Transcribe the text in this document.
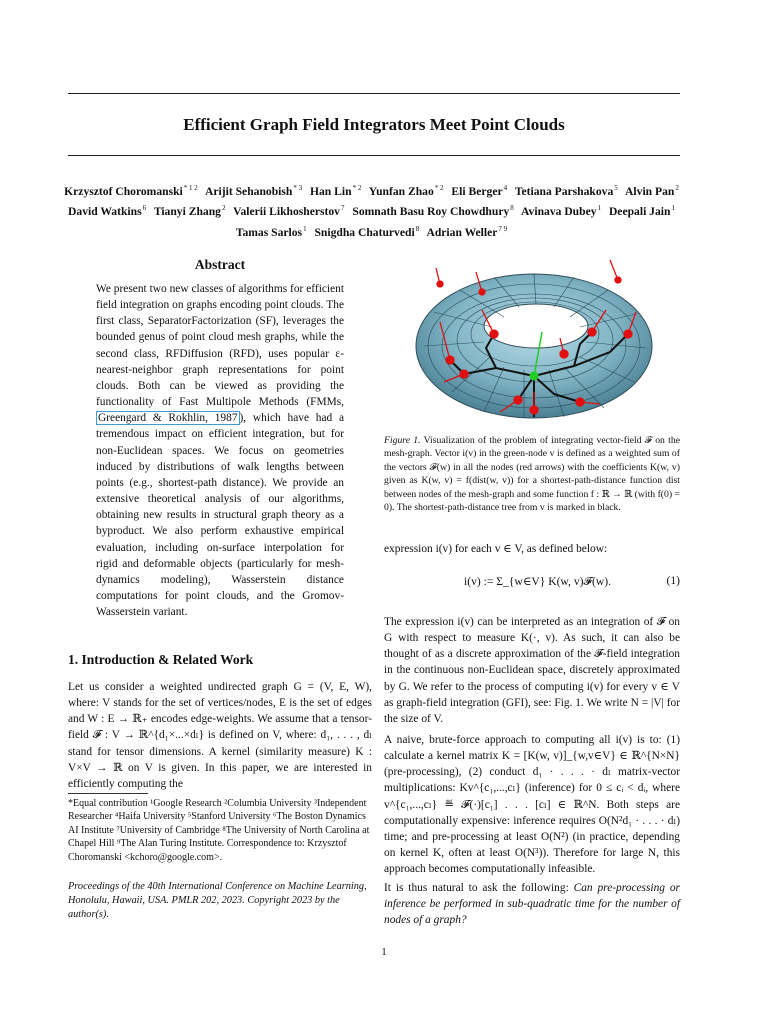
Efficient Graph Field Integrators Meet Point Clouds
Krzysztof Choromanski$^{* 1 2}$ Arijit Sehanobish$^{* 3}$ Han Lin$^{* 2}$ Yunfan Zhao$^{* 2}$ Eli Berger$^4$ Tetiana Parshakova$^5$ Alvin Pan$^2$ David Watkins$^6$ Tianyi Zhang$^2$ Valerii Likhosherstov$^7$ Somnath Basu Roy Chowdhury$^8$ Avinava Dubey$^1$ Deepali Jain$^1$ Tamas Sarlos$^1$ Snigdha Chaturvedi$^8$ Adrian Weller$^{7 9}$
Abstract
We present two new classes of algorithms for efficient field integration on graphs encoding point clouds. The first class, SeparatorFactorization (SF), leverages the bounded genus of point cloud mesh graphs, while the second class, RFDiffusion (RFD), uses popular ε-nearest-neighbor graph representations for point clouds. Both can be viewed as providing the functionality of Fast Multipole Methods (FMMs, Greengard & Rokhlin, 1987 ), which have had a tremendous impact on efficient integration, but for non-Euclidean spaces. We focus on geometries induced by distributions of walk lengths between points (e.g., shortest-path distance). We provide an extensive theoretical analysis of our algorithms, obtaining new results in structural graph theory as a byproduct. We also perform exhaustive empirical evaluation, including on-surface interpolation for rigid and deformable objects (particularly for mesh-dynamics modeling), Wasserstein distance computations for point clouds, and the Gromov-Wasserstein variant.
1. Introduction & Related Work
Let us consider a weighted undirected graph G = (V, E, W), where: V stands for the set of vertices/nodes, E is the set of edges and W : E → ℝ₊ encodes edge-weights. We assume that a tensor-field 𝓕 : V → ℝ^{d₁×...×dₗ} is defined on V, where: d₁, . . . , dₗ stand for tensor dimensions. A kernel (similarity measure) K : V×V → ℝ on V is given. In this paper, we are interested in efficiently computing the
*Equal contribution ¹Google Research ²Columbia University ³Independent Researcher ⁴Haifa University ⁵Stanford University ⁶The Boston Dynamics AI Institute ⁷University of Cambridge ⁸The University of North Carolina at Chapel Hill ⁹The Alan Turing Institute. Correspondence to: Krzysztof Choromanski <kchoro@google.com>.
Proceedings of the 40th International Conference on Machine Learning, Honolulu, Hawaii, USA. PMLR 202, 2023. Copyright 2023 by the author(s).
Figure 1. Visualization of the problem of integrating vector-field 𝓕 on the mesh-graph. Vector i(v) in the green-node v is defined as a weighted sum of the vectors 𝓕(w) in all the nodes (red arrows) with the coefficients K(w, v) given as K(w, v) = f(dist(w, v)) for a shortest-path-distance function dist between nodes of the mesh-graph and some function f : ℝ → ℝ (with f(0) = 0). The shortest-path-distance tree from v is marked in black.
expression i(v) for each v ∈ V, as defined below:
i(v) := Σ_{w∈V} K(w, v)𝓕(w).	(1)
The expression i(v) can be interpreted as an integration of 𝓕 on G with respect to measure K(·, v). As such, it can also be thought of as a discrete approximation of the 𝓕-field integration in the continuous non-Euclidean space, discretely approximated by G. We refer to the process of computing i(v) for every v ∈ V as graph-field integration (GFI), see: Fig. 1. We write N = |V| for the size of V.
A naive, brute-force approach to computing all i(v) is to: (1) calculate a kernel matrix K = [K(w, v)]_{w,v∈V} ∈ ℝ^{N×N} (pre-processing), (2) conduct d₁ · . . . · dₗ matrix-vector multiplications: Kv^{c₁,...,cₗ} (inference) for 0 ≤ cᵢ < dᵢ, where v^{c₁,...,cₗ} ≝ 𝓕(·)[c₁] . . . [cₗ] ∈ ℝ^N. Both steps are computationally expensive: inference requires O(N²d₁ · . . . · dₗ) time; and pre-processing at least O(N²) (in practice, depending on kernel K, often at least O(N³)). Therefore for large N, this approach becomes computationally infeasible.
It is thus natural to ask the following: Can pre-processing or inference be performed in sub-quadratic time for the number of nodes of a graph?
1
